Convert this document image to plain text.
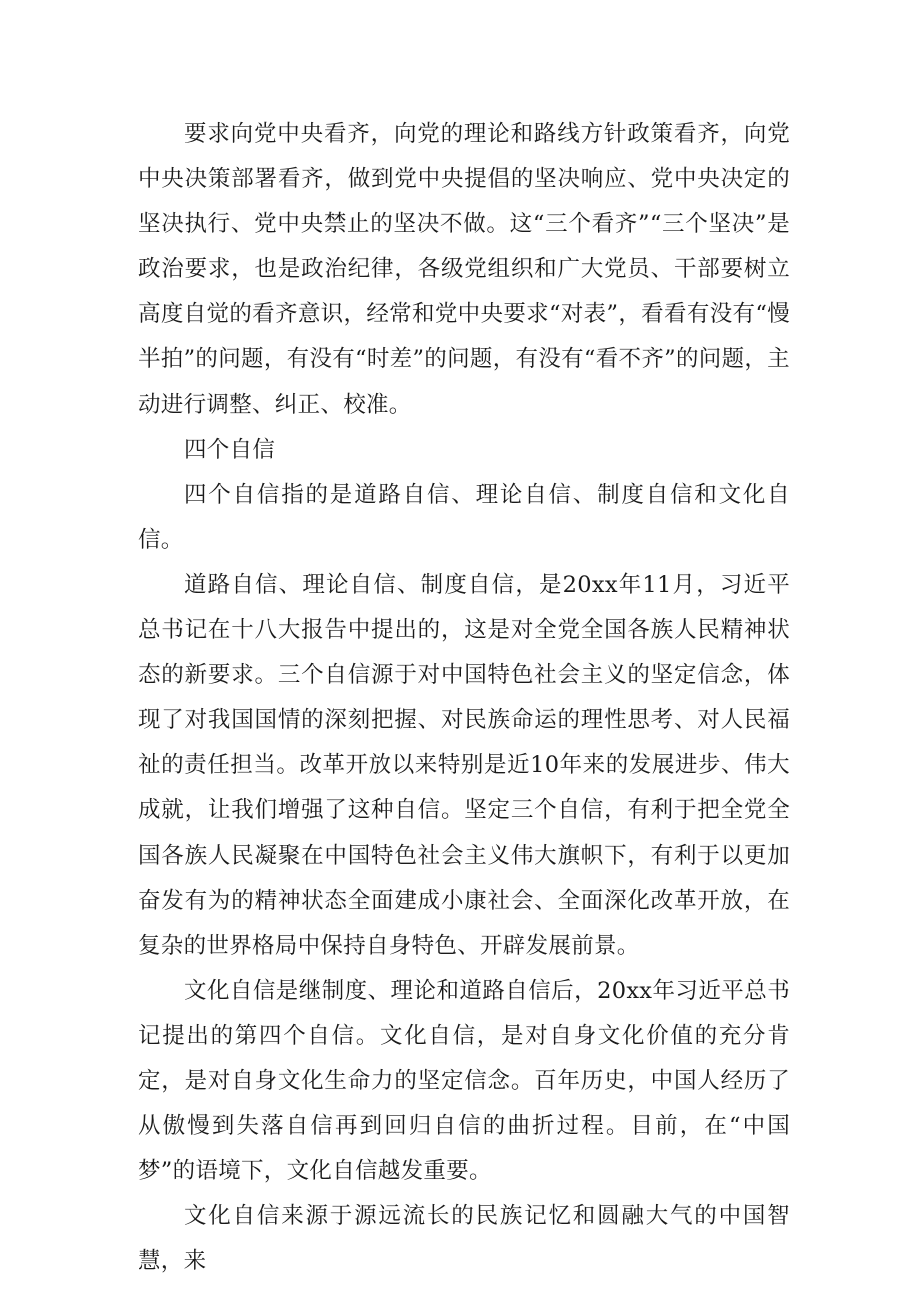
要求向党中央看齐，向党的理论和路线方针政策看齐，向党中央决策部署看齐，做到党中央提倡的坚决响应、党中央决定的坚决执行、党中央禁止的坚决不做。这“三个看齐”“三个坚决”是政治要求，也是政治纪律，各级党组织和广大党员、干部要树立高度自觉的看齐意识，经常和党中央要求“对表”，看看有没有“慢半拍”的问题，有没有“时差”的问题，有没有“看不齐”的问题，主动进行调整、纠正、校准。

四个自信

四个自信指的是道路自信、理论自信、制度自信和文化自信。

道路自信、理论自信、制度自信，是20xx年11月，习近平总书记在十八大报告中提出的，这是对全党全国各族人民精神状态的新要求。三个自信源于对中国特色社会主义的坚定信念，体现了对我国国情的深刻把握、对民族命运的理性思考、对人民福祉的责任担当。改革开放以来特别是近10年来的发展进步、伟大成就，让我们增强了这种自信。坚定三个自信，有利于把全党全国各族人民凝聚在中国特色社会主义伟大旗帜下，有利于以更加奋发有为的精神状态全面建成小康社会、全面深化改革开放，在复杂的世界格局中保持自身特色、开辟发展前景。

文化自信是继制度、理论和道路自信后，20xx年习近平总书记提出的第四个自信。文化自信，是对自身文化价值的充分肯定，是对自身文化生命力的坚定信念。百年历史，中国人经历了从傲慢到失落自信再到回归自信的曲折过程。目前，在“中国梦”的语境下，文化自信越发重要。

文化自信来源于源远流长的民族记忆和圆融大气的中国智慧，来
